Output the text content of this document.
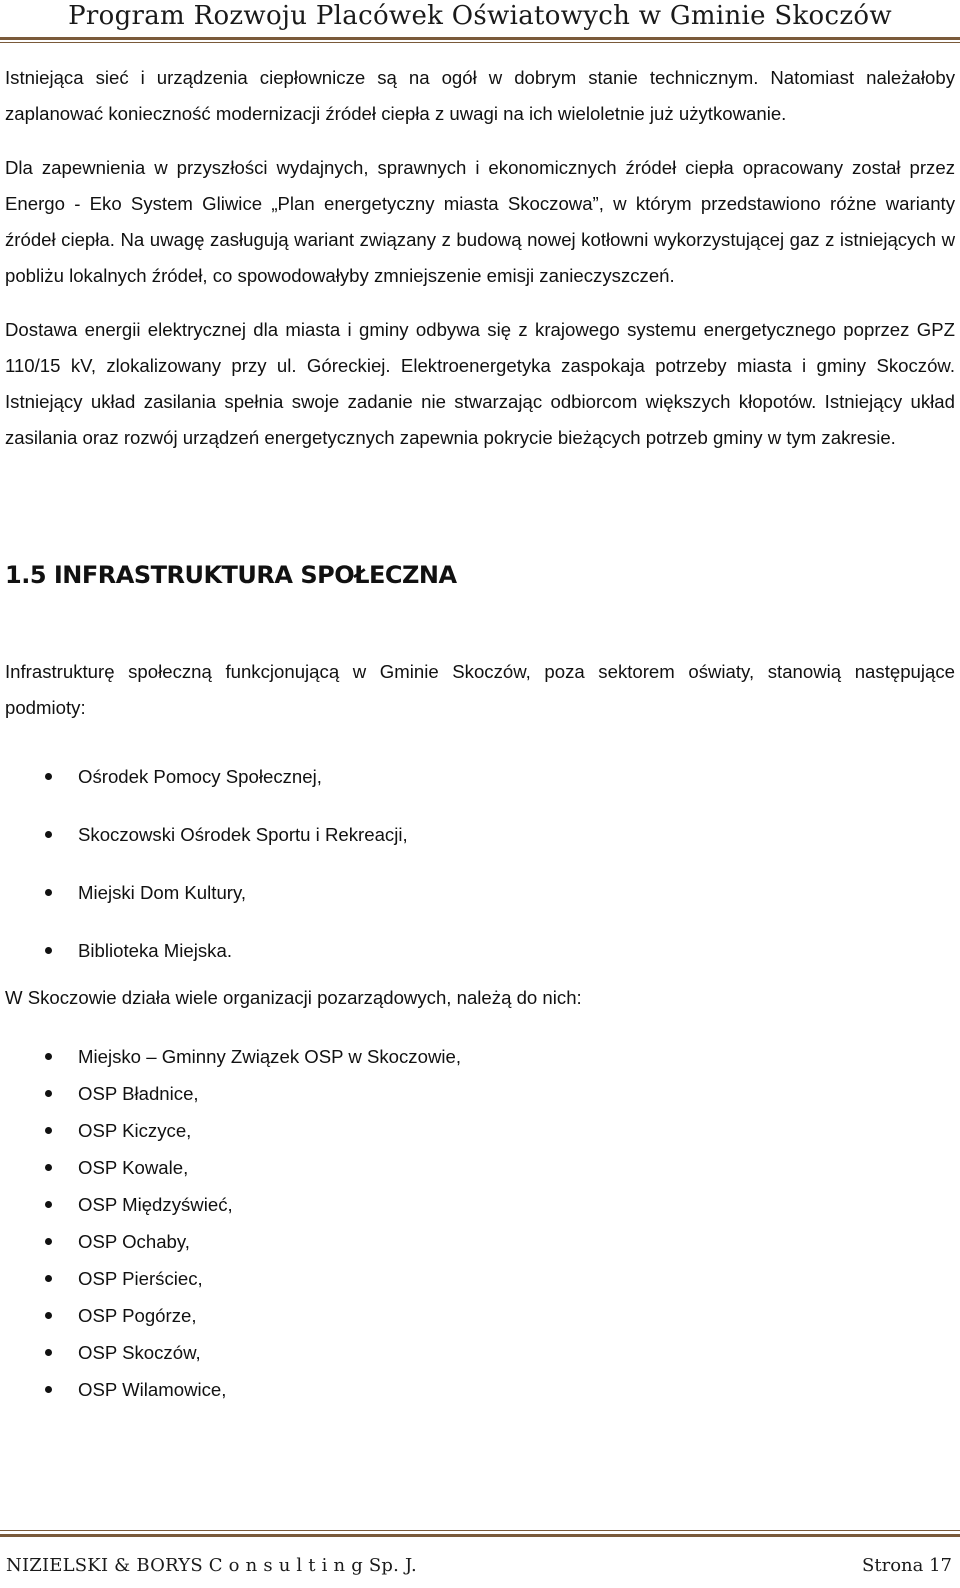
Program Rozwoju Placówek Oświatowych w Gminie Skoczów

Istniejąca sieć i urządzenia ciepłownicze są na ogół w dobrym stanie technicznym. Natomiast należałoby zaplanować konieczność modernizacji źródeł ciepła z uwagi na ich wieloletnie już użytkowanie.

Dla zapewnienia w przyszłości wydajnych, sprawnych i ekonomicznych źródeł ciepła opracowany został przez Energo - Eko System Gliwice „Plan energetyczny miasta Skoczowa”, w którym przedstawiono różne warianty źródeł ciepła. Na uwagę zasługują wariant związany z budową nowej kotłowni wykorzystującej gaz z istniejących w pobliżu lokalnych źródeł, co spowodowałyby zmniejszenie emisji zanieczyszczeń.

Dostawa energii elektrycznej dla miasta i gminy odbywa się z krajowego systemu energetycznego poprzez GPZ 110/15 kV, zlokalizowany przy ul. Góreckiej. Elektroenergetyka zaspokaja potrzeby miasta i gminy Skoczów. Istniejący układ zasilania spełnia swoje zadanie nie stwarzając odbiorcom większych kłopotów. Istniejący układ zasilania oraz rozwój urządzeń energetycznych zapewnia pokrycie bieżących potrzeb gminy w tym zakresie.

1.5 INFRASTRUKTURA SPOŁECZNA

Infrastrukturę społeczną funkcjonującą w Gminie Skoczów, poza sektorem oświaty, stanowią następujące podmioty:

Ośrodek Pomocy Społecznej,
Skoczowski Ośrodek Sportu i Rekreacji,
Miejski Dom Kultury,
Biblioteka Miejska.

W Skoczowie działa wiele organizacji pozarządowych, należą do nich:

Miejsko – Gminny Związek OSP w Skoczowie,
OSP Bładnice,
OSP Kiczyce,
OSP Kowale,
OSP Międzyświeć,
OSP Ochaby,
OSP Pierściec,
OSP Pogórze,
OSP Skoczów,
OSP Wilamowice,
NIZIELSKI & BORYS C o n s u l t i n g Sp. J.	Strona 17
